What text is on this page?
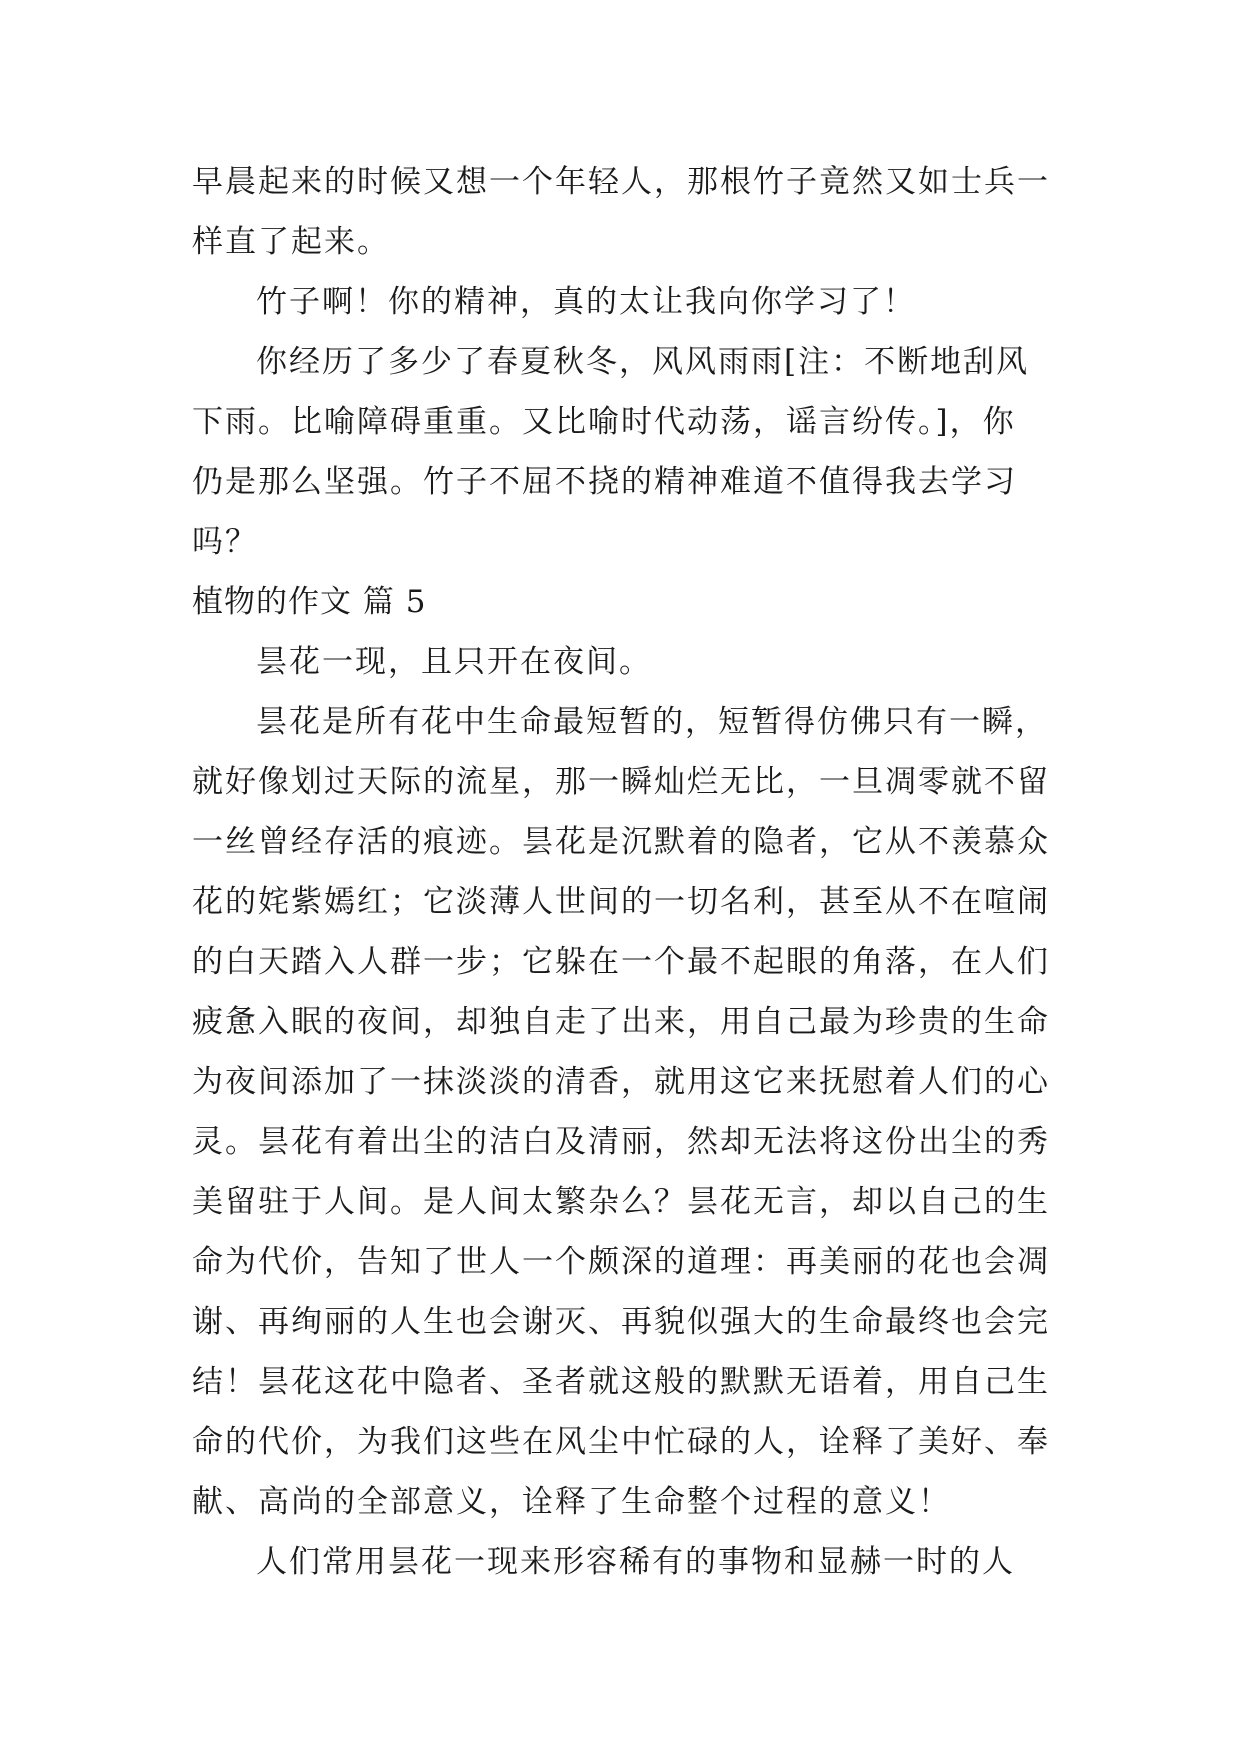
早晨起来的时候又想一个年轻人，那根竹子竟然又如士兵一
样直了起来。
竹子啊！你的精神，真的太让我向你学习了！
你经历了多少了春夏秋冬，风风雨雨[注：不断地刮风
下雨。比喻障碍重重。又比喻时代动荡，谣言纷传。]，你
仍是那么坚强。竹子不屈不挠的精神难道不值得我去学习
吗？
植物的作文 篇 5
昙花一现，且只开在夜间。
昙花是所有花中生命最短暂的，短暂得仿佛只有一瞬，
就好像划过天际的流星，那一瞬灿烂无比，一旦凋零就不留
一丝曾经存活的痕迹。昙花是沉默着的隐者，它从不羡慕众
花的姹紫嫣红；它淡薄人世间的一切名利，甚至从不在喧闹
的白天踏入人群一步；它躲在一个最不起眼的角落，在人们
疲惫入眠的夜间，却独自走了出来，用自己最为珍贵的生命
为夜间添加了一抹淡淡的清香，就用这它来抚慰着人们的心
灵。昙花有着出尘的洁白及清丽，然却无法将这份出尘的秀
美留驻于人间。是人间太繁杂么？昙花无言，却以自己的生
命为代价，告知了世人一个颇深的道理：再美丽的花也会凋
谢、再绚丽的人生也会谢灭、再貌似强大的生命最终也会完
结！昙花这花中隐者、圣者就这般的默默无语着，用自己生
命的代价，为我们这些在风尘中忙碌的人，诠释了美好、奉
献、高尚的全部意义，诠释了生命整个过程的意义！
人们常用昙花一现来形容稀有的事物和显赫一时的人
